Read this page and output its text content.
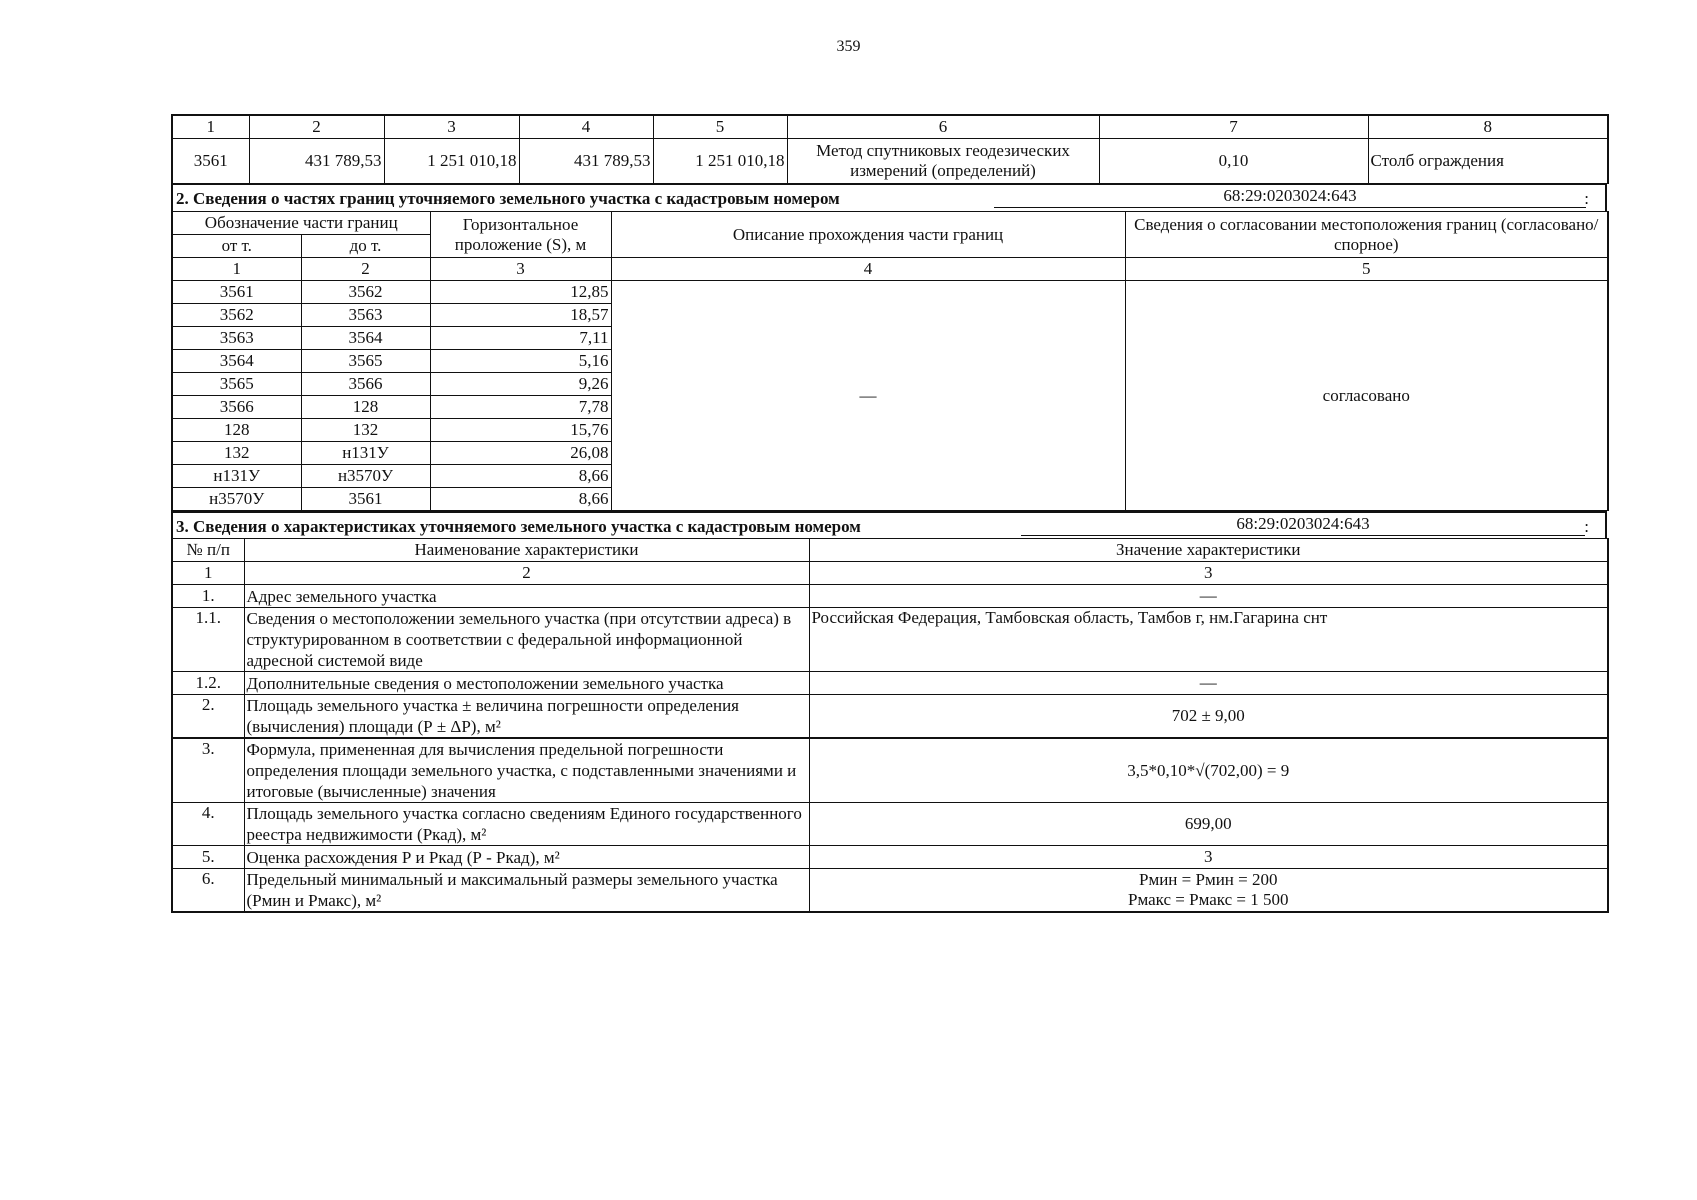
359
1	2	3	4	5	6	7	8
3561	431 789,53	1 251 010,18	431 789,53	1 251 010,18	Метод спутниковых геодезических измерений (определений)	0,10	Столб ограждения
2. Сведения о частях границ уточняемого земельного участка с кадастровым номером	68:29:0203024:643	:
Обозначение части границ		Горизонтальное проложение (S), м	Описание прохождения части границ	Сведения о согласовании местоположения границ (согласовано/спорное)
от т.	до т.			
1	2	3	4	5
3561	3562	12,85	—	согласовано
3562	3563	18,57		
3563	3564	7,11		
3564	3565	5,16		
3565	3566	9,26		
3566	128	7,78		
128	132	15,76		
132	н131У	26,08		
н131У	н3570У	8,66		
н3570У	3561	8,66		
3. Сведения о характеристиках уточняемого земельного участка с кадастровым номером	68:29:0203024:643	:
№ п/п	Наименование характеристики	Значение характеристики
1	2	3
1.	Адрес земельного участка	—
1.1.	Сведения о местоположении земельного участка (при отсутствии адреса) в структурированном в соответствии с федеральной информационной адресной системой виде	Российская Федерация, Тамбовская область, Тамбов г, нм.Гагарина снт
1.2.	Дополнительные сведения о местоположении земельного участка	—
2.	Площадь земельного участка ± величина погрешности определения (вычисления) площади (Р ± ΔР), м²	702 ± 9,00
3.	Формула, примененная для вычисления предельной погрешности определения площади земельного участка, с подставленными значениями и итоговые (вычисленные) значения	3,5*0,10*√(702,00) = 9
4.	Площадь земельного участка согласно сведениям Единого государственного реестра недвижимости (Ркад), м²	699,00
5.	Оценка расхождения Р и Ркад (Р - Ркад), м²	3
6.	Предельный минимальный и максимальный размеры земельного участка (Рмин и Рмакс), м²	Рмин = Рмин = 200
Рмакс = Рмакс = 1 500
